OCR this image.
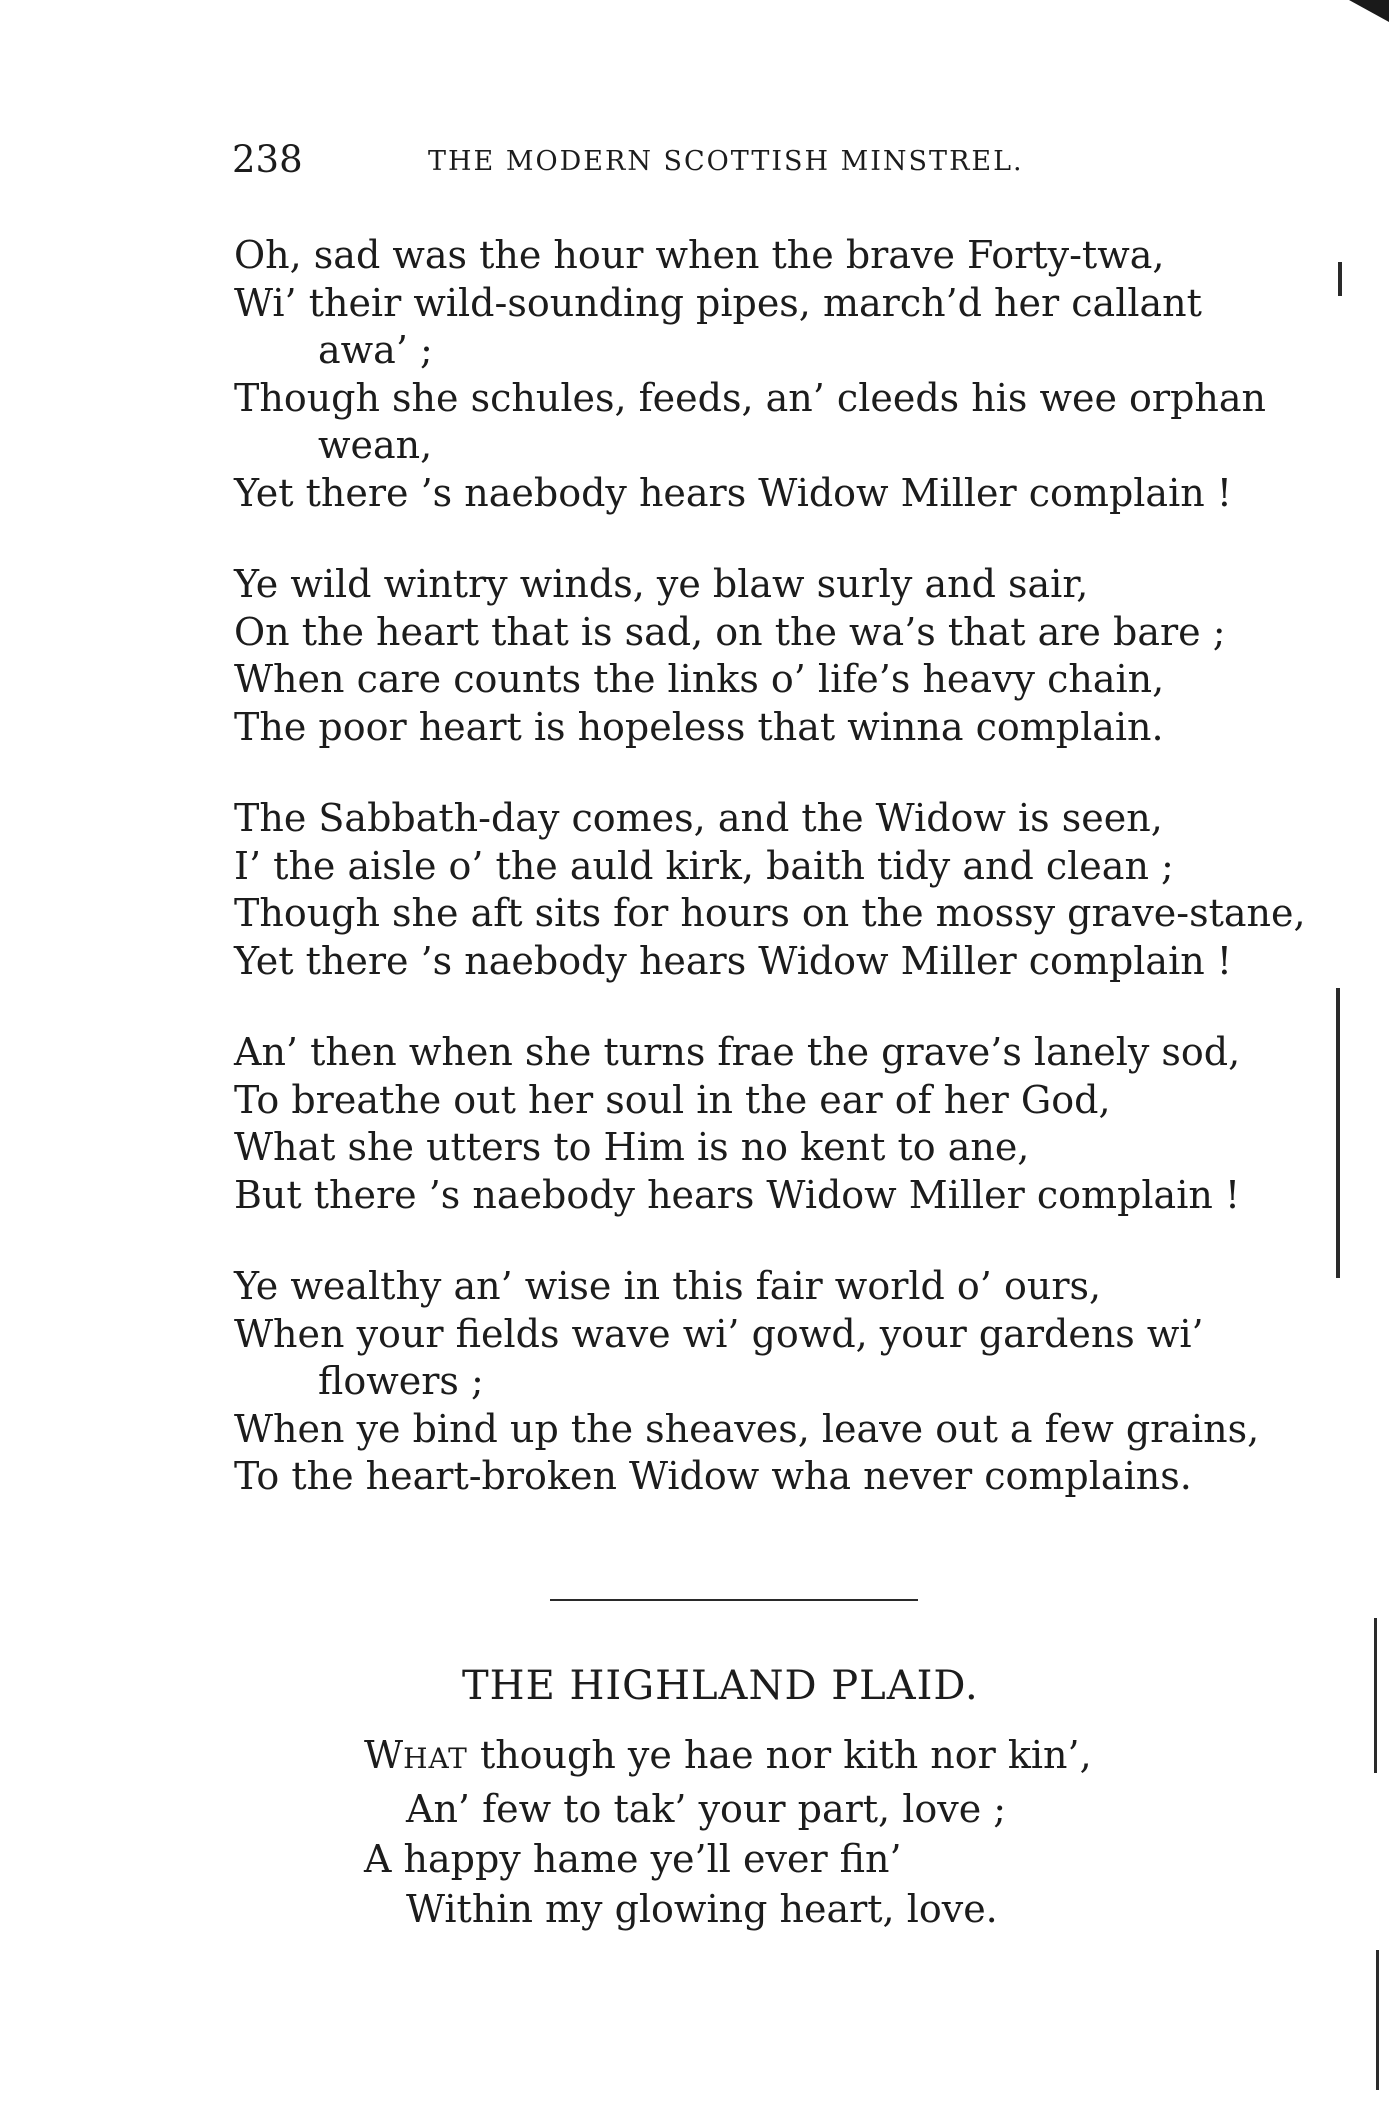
238	THE MODERN SCOTTISH MINSTREL.
Oh, sad was the hour when the brave Forty-twa,
Wi’ their wild-sounding pipes, march’d her callant
awa’ ;
Though she schules, feeds, an’ cleeds his wee orphan
wean,
Yet there ’s naebody hears Widow Miller complain !
Ye wild wintry winds, ye blaw surly and sair,
On the heart that is sad, on the wa’s that are bare ;
When care counts the links o’ life’s heavy chain,
The poor heart is hopeless that winna complain.
The Sabbath-day comes, and the Widow is seen,
I’ the aisle o’ the auld kirk, baith tidy and clean ;
Though she aft sits for hours on the mossy grave-stane,
Yet there ’s naebody hears Widow Miller complain !
An’ then when she turns frae the grave’s lanely sod,
To breathe out her soul in the ear of her God,
What she utters to Him is no kent to ane,
But there ’s naebody hears Widow Miller complain !
Ye wealthy an’ wise in this fair world o’ ours,
When your fields wave wi’ gowd, your gardens wi’
flowers ;
When ye bind up the sheaves, leave out a few grains,
To the heart-broken Widow wha never complains.
THE HIGHLAND PLAID.
WHAT though ye hae nor kith nor kin’,
An’ few to tak’ your part, love ;
A happy hame ye’ll ever fin’
Within my glowing heart, love.
